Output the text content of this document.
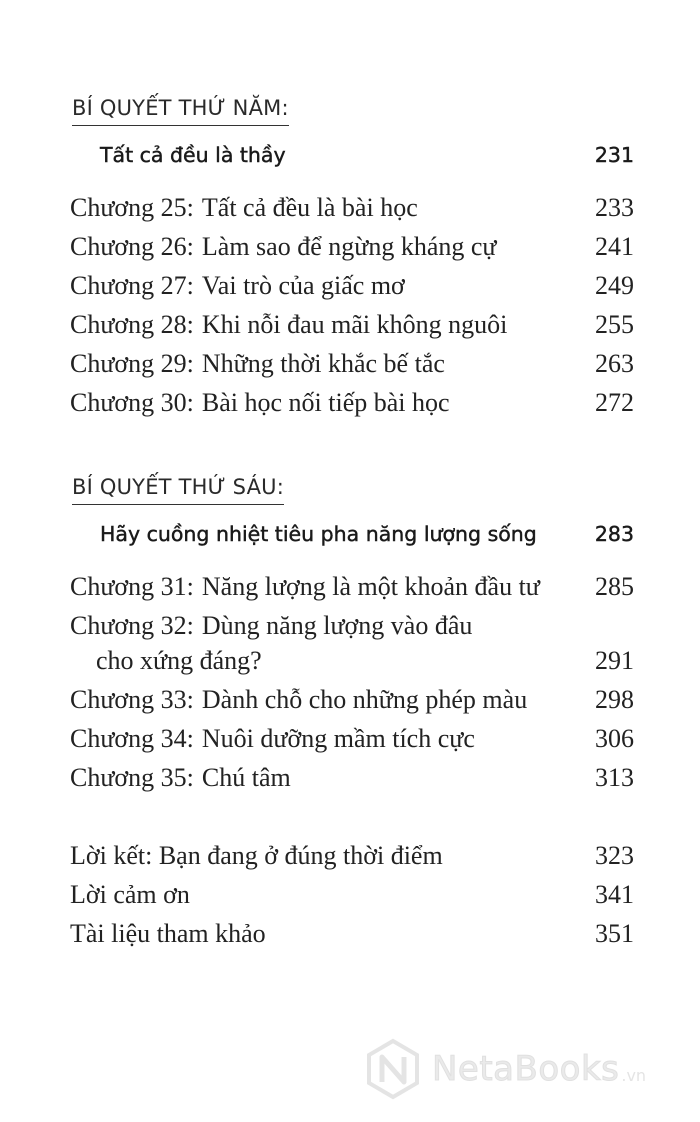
BÍ QUYẾT THỨ NĂM:
Tất cả đều là thầy	231
Chương 25: Tất cả đều là bài học	233
Chương 26: Làm sao để ngừng kháng cự	241
Chương 27: Vai trò của giấc mơ	249
Chương 28: Khi nỗi đau mãi không nguôi	255
Chương 29: Những thời khắc bế tắc	263
Chương 30: Bài học nối tiếp bài học	272
BÍ QUYẾT THỨ SÁU:
Hãy cuồng nhiệt tiêu pha năng lượng sống	283
Chương 31: Năng lượng là một khoản đầu tư 285
Chương 32: Dùng năng lượng vào đâu
cho xứng đáng?	291
Chương 33: Dành chỗ cho những phép màu	298
Chương 34: Nuôi dưỡng mầm tích cực	306
Chương 35: Chú tâm	313
Lời kết: Bạn đang ở đúng thời điểm	323
Lời cảm ơn	341
Tài liệu tham khảo	351
NetaBooks .vn
